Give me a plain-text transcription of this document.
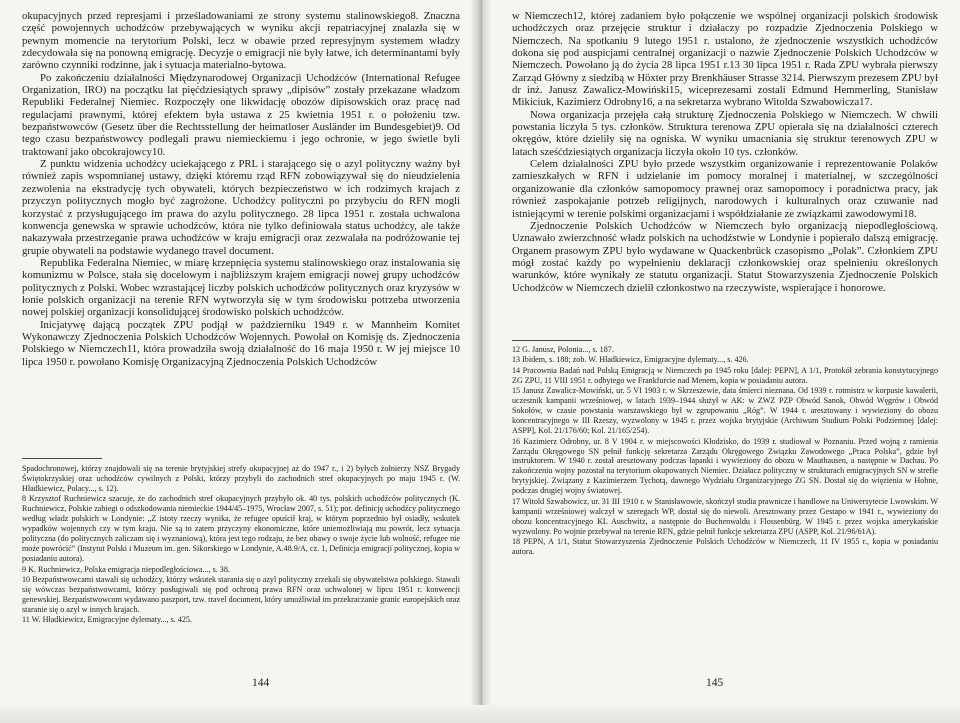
okupacyjnych przed represjami i prześladowaniami ze strony systemu stalinowskiego8. Znaczna część powojennych uchodźców przebywających w wyniku akcji repatriacyjnej znalazła się w pewnym momencie na terytorium Polski, lecz w obawie przed represyjnym systemem władzy zdecydowała się na ponowną emigrację. Decyzje o emigracji nie były łatwe, ich determinantami były zarówno czynniki rodzinne, jak i sytuacja materialno-bytowa.

Po zakończeniu działalności Międzynarodowej Organizacji Uchodźców (International Refugee Organization, IRO) na początku lat pięćdziesiątych sprawy „dipisów” zostały przekazane władzom Republiki Federalnej Niemiec. Rozpoczęły one likwidację obozów dipisowskich oraz pracę nad regulacjami prawnymi, której efektem była ustawa z 25 kwietnia 1951 r. o położeniu tzw. bezpaństwowców (Gesetz über die Rechtsstellung der heimatloser Ausländer im Bundesgebiet)9. Od tego czasu bezpaństwowcy podlegali prawu niemieckiemu i jego ochronie, w jego świetle byli traktowani jako obcokrajowcy10.

Z punktu widzenia uchodźcy uciekającego z PRL i starającego się o azyl polityczny ważny był również zapis wspomnianej ustawy, dzięki któremu rząd RFN zobowiązywał się do nieudzielenia zezwolenia na ekstradycję tych obywateli, których bezpieczeństwo w ich rodzimych krajach z przyczyn politycznych mogło być zagrożone. Uchodźcy polityczni po przybyciu do RFN mogli korzystać z przysługującego im prawa do azylu politycznego. 28 lipca 1951 r. została uchwalona konwencja genewska w sprawie uchodźców, która nie tylko definiowała status uchodźcy, ale także nakazywała przestrzeganie prawa uchodźców w kraju emigracji oraz zezwalała na podróżowanie tej grupie obywateli na podstawie wydanego travel document.

Republika Federalna Niemiec, w miarę krzepnięcia systemu stalinowskiego oraz instalowania się komunizmu w Polsce, stała się docelowym i najbliższym krajem emigracji nowej grupy uchodźców politycznych z Polski. Wobec wzrastającej liczby polskich uchodźców politycznych oraz kryzysów w łonie polskich organizacji na terenie RFN wytworzyła się w tym środowisku potrzeba utworzenia nowej polskiej organizacji konsolidującej środowisko polskich uchodźców.

Inicjatywę dającą początek ZPU podjął w październiku 1949 r. w Mannheim Komitet Wykonawczy Zjednoczenia Polskich Uchodźców Wojennych. Powołał on Komisję ds. Zjednoczenia Polskiego w Niemczech11, która prowadziła swoją działalność do 16 maja 1950 r. W jej miejsce 10 lipca 1950 r. powołano Komisję Organizacyjną Zjednoczenia Polskich Uchodźców

Spadochronowej, którzy znajdowali się na terenie brytyjskiej strefy okupacyjnej aż do 1947 r., i 2) byłych żołnierzy NSZ Brygady Świętokrzyskiej oraz uchodźców cywilnych z Polski, którzy przybyli do zachodnich stref okupacyjnych po maju 1945 r. (W. Hładkiewicz, Polacy..., s. 12).

8 Krzysztof Ruchniewicz szacuje, że do zachodnich stref okupacyjnych przybyło ok. 40 tys. polskich uchodźców politycznych (K. Ruchniewicz, Polskie zabiegi o odszkodowania niemieckie 1944/45–1975, Wrocław 2007, s. 51); por. definicję uchodźcy politycznego według władz polskich w Londynie: „Z istoty rzeczy wynika, że refugee opuścił kraj, w którym poprzednio był osiadły, wskutek wypadków wojennych czy w tym kraju. Nie są to zatem przyczyny ekonomiczne, które uniemożliwiają mu powrót, lecz sytuacja polityczna (do politycznych zaliczam się i wyznaniową), która jest tego rodzaju, że bez obawy o swoje życie lub wolność, refugee nie może powrócić” (Instytut Polski i Muzeum im. gen. Sikorskiego w Londynie, A.48.9/A, cz. 1, Definicja emigracji politycznej, kopia w posiadaniu autora).

9 K. Ruchniewicz, Polska emigracja niepodległościowa..., s. 38.

10 Bezpaństwowcami stawali się uchodźcy, którzy wskutek starania się o azyl polityczny zrzekali się obywatelstwa polskiego. Stawali się wówczas bezpaństwowcami, którzy posługiwali się pod ochroną prawa RFN oraz uchwalonej w lipcu 1951 r. konwencji genewskiej. Bezpaństwowcom wydawano paszport, tzw. travel document, który umożliwiał im przekraczanie granic europejskich oraz staranie się o azyl w innych krajach.

11 W. Hładkiewicz, Emigracyjne dylematy..., s. 425.

144

w Niemczech12, której zadaniem było połączenie we wspólnej organizacji polskich środowisk uchodźczych oraz przejęcie struktur i działaczy po rozpadzie Zjednoczenia Polskiego w Niemczech. Na spotkaniu 9 lutego 1951 r. ustalono, że zjednoczenie wszystkich uchodźców dokona się pod auspicjami centralnej organizacji o nazwie Zjednoczenie Polskich Uchodźców w Niemczech. Powołano ją do życia 28 lipca 1951 r.13 30 lipca 1951 r. Rada ZPU wybrała pierwszy Zarząd Główny z siedzibą w Höxter przy Brenkhäuser Strasse 3214. Pierwszym prezesem ZPU był dr inż. Janusz Zawalicz-Mowiński15, wiceprezesami zostali Edmund Hemmerling, Stanisław Mikiciuk, Kazimierz Odrobny16, a na sekretarza wybrano Witolda Szwabowicza17.

Nowa organizacja przejęła całą strukturę Zjednoczenia Polskiego w Niemczech. W chwili powstania liczyła 5 tys. członków. Struktura terenowa ZPU opierała się na działalności czterech okręgów, które dzieliły się na ogniska. W wyniku umacniania się struktur terenowych ZPU w latach sześćdziesiątych organizacja liczyła około 10 tys. członków.

Celem działalności ZPU było przede wszystkim organizowanie i reprezentowanie Polaków zamieszkałych w RFN i udzielanie im pomocy moralnej i materialnej, w szczególności organizowanie dla członków samopomocy prawnej oraz samopomocy i poradnictwa pracy, jak również zaspokajanie potrzeb religijnych, narodowych i kulturalnych oraz czuwanie nad istniejącymi w terenie polskimi organizacjami i współdziałanie ze związkami zawodowymi18.

Zjednoczenie Polskich Uchodźców w Niemczech było organizacją niepodległościową. Uznawało zwierzchność władz polskich na uchodźstwie w Londynie i popierało dalszą emigrację. Organem prasowym ZPU było wydawane w Quackenbrück czasopismo „Polak”. Członkiem ZPU mógł zostać każdy po wypełnieniu deklaracji członkowskiej oraz spełnieniu określonych warunków, które wynikały ze statutu organizacji. Statut Stowarzyszenia Zjednoczenie Polskich Uchodźców w Niemczech dzielił członkostwo na rzeczywiste, wspierające i honorowe.

12 G. Janusz, Polonia..., s. 187.

13 Ibidem, s. 188; zob. W. Hładkiewicz, Emigracyjne dylematy..., s. 426.

14 Pracownia Badań nad Polską Emigracją w Niemczech po 1945 roku [dalej: PEPN], A 1/1, Protokół zebrania konstytucyjnego ZG ZPU, 11 VIII 1951 r. odbytego we Frankfurcie nad Menem, kopia w posiadaniu autora.

15 Janusz Zawalicz-Mowiński, ur. 5 VI 1903 r. w Skrzeszewie, data śmierci nieznana. Od 1939 r. rotmistrz w korpusie kawalerii, uczestnik kampanii wrześniowej, w latach 1939–1944 służył w AK: w ZWZ PZP Obwód Sanok, Obwód Węgrów i Obwód Sokołów, w czasie powstania warszawskiego był w zgrupowaniu „Róg”. W 1944 r. aresztowany i wywieziony do obozu koncentracyjnego w III Rzeszy, wyzwolony w 1945 r. przez wojska brytyjskie (Archiwum Studium Polski Podziemnej [dalej: ASPP], Kol. 21/176/60; Kol. 21/165/254).

16 Kazimierz Odrobny, ur. 8 V 1904 r. w miejscowości Kłodzisko, do 1939 r. studiował w Poznaniu. Przed wojną z ramienia Zarządu Okręgowego SN pełnił funkcję sekretarza Zarządu Okręgowego Związku Zawodowego „Praca Polska”, gdzie był instruktorem. W 1940 r. został aresztowany podczas łapanki i wywieziony do obozu w Mauthausen, a następnie w Dachau. Po zakończeniu wojny pozostał na terytorium okupowanych Niemiec. Działacz polityczny w strukturach emigracyjnych SN w strefie brytyjskiej. Związany z Kazimierzem Tychotą, dawnego Wydziału Organizacyjnego ZG SN. Dostał się do więzienia w Hohne, podczas drugiej wojny światowej.

17 Witold Szwabowicz, ur. 31 III 1910 r. w Stanisławowie, skończył studia prawnicze i handlowe na Uniwersytecie Lwowskim. W kampanii wrześniowej walczył w szeregach WP, dostał się do niewoli. Aresztowany przez Gestapo w 1941 r., wywieziony do obozu koncentracyjnego KL Auschwitz, a następnie do Buchenwaldu i Flossenbürg. W 1945 r. przez wojska amerykańskie wyzwolony. Po wojnie przebywał na terenie RFN, gdzie pełnił funkcje sekretarza ZPU (ASPP, Kol. 21/96/61A).

18 PEPN, A 1/1, Statut Stowarzyszenia Zjednoczenie Polskich Uchodźców w Niemczech, 11 IV 1955 r., kopia w posiadaniu autora.

145
